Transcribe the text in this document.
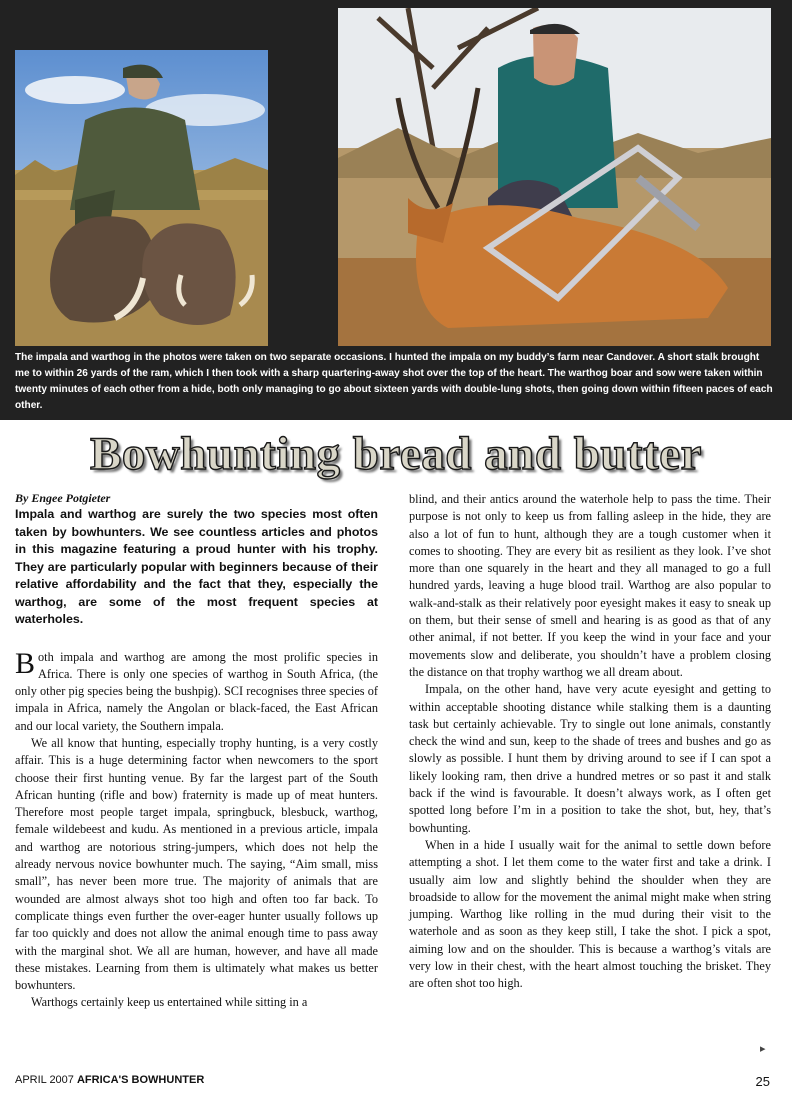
The impala and warthog in the photos were taken on two separate occasions. I hunted the impala on my buddy’s farm near Candover. A short stalk brought me to within 26 yards of the ram, which I then took with a sharp quartering-away shot over the top of the heart. The warthog boar and sow were taken within twenty minutes of each other from a hide, both only managing to go about sixteen yards with double-lung shots, then going down within fifteen paces of each other.
Bowhunting bread and butter
By Engee Potgieter
Impala and warthog are surely the two species most often taken by bowhunters. We see countless articles and photos in this magazine featuring a proud hunter with his trophy. They are particularly popular with beginners because of their relative affordability and the fact that they, especially the warthog, are some of the most frequent species at waterholes.

Both impala and warthog are among the most prolific species in Africa. There is only one species of warthog in South Africa, (the only other pig species being the bushpig). SCI recognises three species of impala in Africa, namely the Angolan or black-faced, the East African and our local variety, the Southern impala.

We all know that hunting, especially trophy hunting, is a very costly affair. This is a huge determining factor when newcomers to the sport choose their first hunting venue. By far the largest part of the South African hunting (rifle and bow) fraternity is made up of meat hunters. Therefore most people target impala, springbuck, blesbuck, warthog, female wildebeest and kudu. As mentioned in a previous article, impala and warthog are notorious string-jumpers, which does not help the already nervous novice bowhunter much. The saying, “Aim small, miss small”, has never been more true. The majority of animals that are wounded are almost always shot too high and often too far back. To complicate things even further the over-eager hunter usually follows up far too quickly and does not allow the animal enough time to pass away with the marginal shot. We all are human, however, and have all made these mistakes. Learning from them is ultimately what makes us better bowhunters.

Warthogs certainly keep us entertained while sitting in a

blind, and their antics around the waterhole help to pass the time. Their purpose is not only to keep us from falling asleep in the hide, they are also a lot of fun to hunt, although they are a tough customer when it comes to shooting. They are every bit as resilient as they look. I’ve shot more than one squarely in the heart and they all managed to go a full hundred yards, leaving a huge blood trail. Warthog are also popular to walk-and-stalk as their relatively poor eyesight makes it easy to sneak up on them, but their sense of smell and hearing is as good as that of any other animal, if not better. If you keep the wind in your face and your movements slow and deliberate, you shouldn’t have a problem closing the distance on that trophy warthog we all dream about.

Impala, on the other hand, have very acute eyesight and getting to within acceptable shooting distance while stalking them is a daunting task but certainly achievable. Try to single out lone animals, constantly check the wind and sun, keep to the shade of trees and bushes and go as slowly as possible. I hunt them by driving around to see if I can spot a likely looking ram, then drive a hundred metres or so past it and stalk back if the wind is favourable. It doesn’t always work, as I often get spotted long before I’m in a position to take the shot, but, hey, that’s bowhunting.

When in a hide I usually wait for the animal to settle down before attempting a shot. I let them come to the water first and take a drink. I usually aim low and slightly behind the shoulder when they are broadside to allow for the movement the animal might make when string jumping. Warthog like rolling in the mud during their visit to the waterhole and as soon as they keep still, I take the shot. I pick a spot, aiming low and on the shoulder. This is because a warthog’s vitals are very low in their chest, with the heart almost touching the brisket. They are often shot too high.

▸
APRIL 2007 AFRICA'S BOWHUNTER	25
